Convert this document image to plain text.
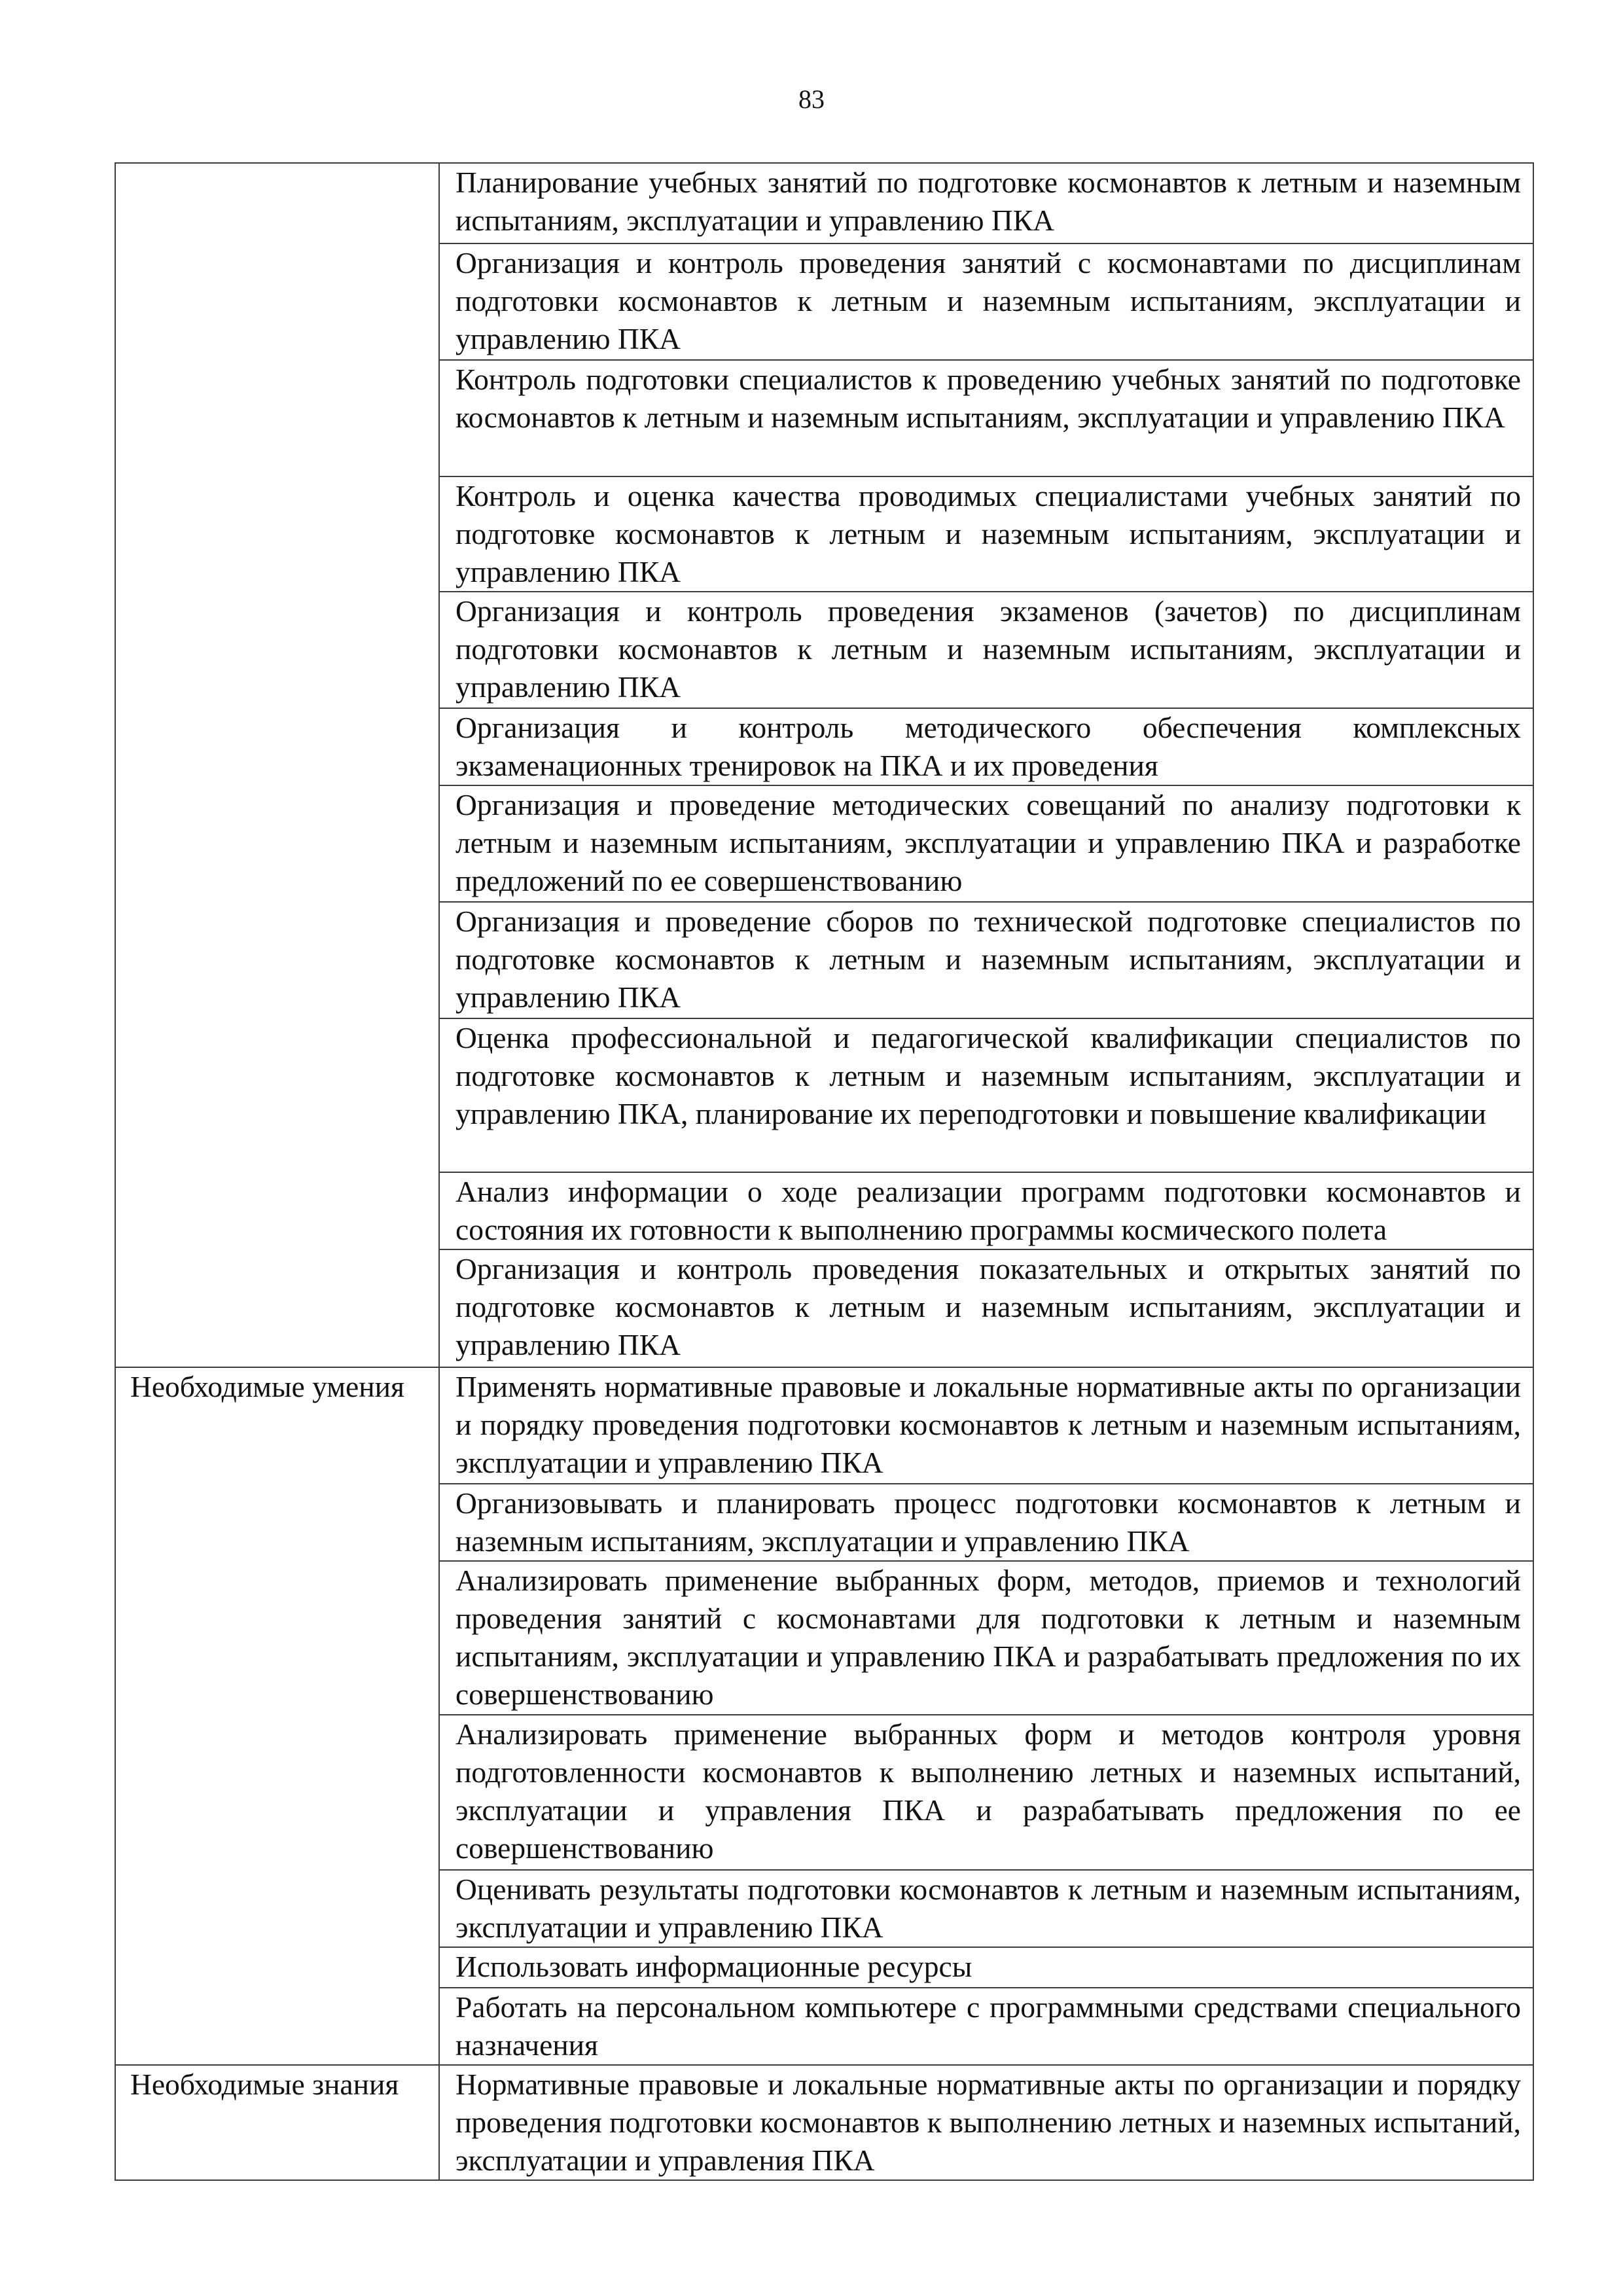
83
	Планирование учебных занятий по подготовке космонавтов к летным и наземным испытаниям, эксплуатации и управлению ПКА
	Организация и контроль проведения занятий с космонавтами по дисциплинам подготовки космонавтов к летным и наземным испытаниям, эксплуатации и управлению ПКА
	Контроль подготовки специалистов к проведению учебных занятий по подготовке космонавтов к летным и наземным испытаниям, эксплуатации и управлению ПКА
	Контроль и оценка качества проводимых специалистами учебных занятий по подготовке космонавтов к летным и наземным испытаниям, эксплуатации и управлению ПКА
	Организация и контроль проведения экзаменов (зачетов) по дисциплинам подготовки космонавтов к летным и наземным испытаниям, эксплуатации и управлению ПКА
	Организация и контроль методического обеспечения комплексных экзаменационных тренировок на ПКА и их проведения
	Организация и проведение методических совещаний по анализу подготовки к летным и наземным испытаниям, эксплуатации и управлению ПКА и разработке предложений по ее совершенствованию
	Организация и проведение сборов по технической подготовке специалистов по подготовке космонавтов к летным и наземным испытаниям, эксплуатации и управлению ПКА
	Оценка профессиональной и педагогической квалификации специалистов по подготовке космонавтов к летным и наземным испытаниям, эксплуатации и управлению ПКА, планирование их переподготовки и повышение квалификации
	Анализ информации о ходе реализации программ подготовки космонавтов и состояния их готовности к выполнению программы космического полета
	Организация и контроль проведения показательных и открытых занятий по подготовке космонавтов к летным и наземным испытаниям, эксплуатации и управлению ПКА
Необходимые умения	Применять нормативные правовые и локальные нормативные акты по организации и порядку проведения подготовки космонавтов к летным и наземным испытаниям, эксплуатации и управлению ПКА
	Организовывать и планировать процесс подготовки космонавтов к летным и наземным испытаниям, эксплуатации и управлению ПКА
	Анализировать применение выбранных форм, методов, приемов и технологий проведения занятий с космонавтами для подготовки к летным и наземным испытаниям, эксплуатации и управлению ПКА и разрабатывать предложения по их совершенствованию
	Анализировать применение выбранных форм и методов контроля уровня подготовленности космонавтов к выполнению летных и наземных испытаний, эксплуатации и управления ПКА и разрабатывать предложения по ее совершенствованию
	Оценивать результаты подготовки космонавтов к летным и наземным испытаниям, эксплуатации и управлению ПКА
	Использовать информационные ресурсы
	Работать на персональном компьютере с программными средствами специального назначения
Необходимые знания	Нормативные правовые и локальные нормативные акты по организации и порядку проведения подготовки космонавтов к выполнению летных и наземных испытаний, эксплуатации и управления ПКА
